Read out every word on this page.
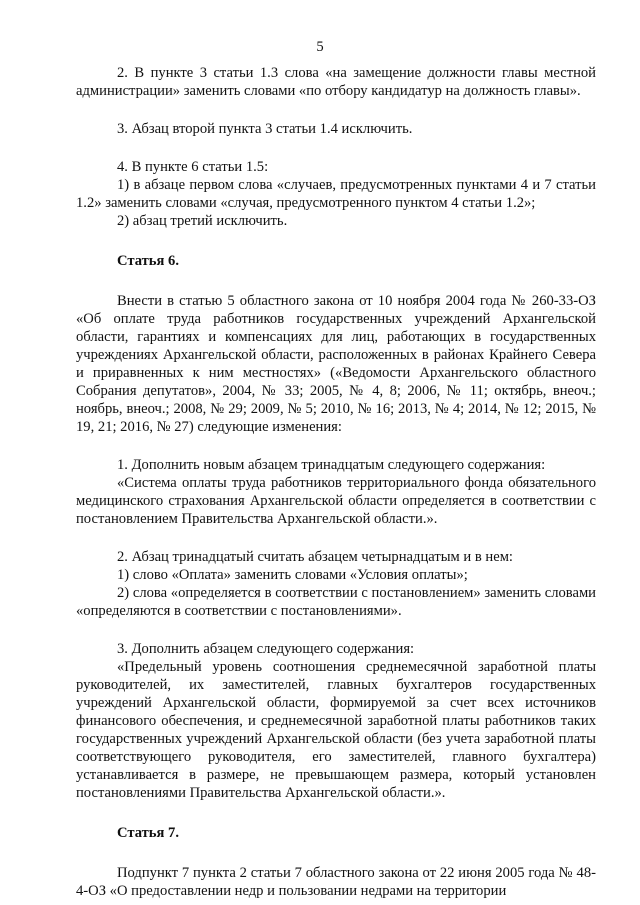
5
2. В пункте 3 статьи 1.3 слова «на замещение должности главы местной администрации» заменить словами «по отбору кандидатур на должность главы».
3. Абзац второй пункта 3 статьи 1.4 исключить.
4. В пункте 6 статьи 1.5:
1) в абзаце первом слова «случаев, предусмотренных пунктами 4 и 7 статьи 1.2» заменить словами «случая, предусмотренного пунктом 4 статьи 1.2»;
2) абзац третий исключить.
Статья 6.
Внести в статью 5 областного закона от 10 ноября 2004 года № 260-33-ОЗ «Об оплате труда работников государственных учреждений Архангельской области, гарантиях и компенсациях для лиц, работающих в государственных учреждениях Архангельской области, расположенных в районах Крайнего Севера и приравненных к ним местностях» («Ведомости Архангельского областного Собрания депутатов», 2004, № 33; 2005, № 4, 8; 2006, № 11; октябрь, внеоч.; ноябрь, внеоч.; 2008, № 29; 2009, № 5; 2010, № 16; 2013, № 4; 2014, № 12; 2015, № 19, 21; 2016, № 27) следующие изменения:
1. Дополнить новым абзацем тринадцатым следующего содержания:
«Система оплаты труда работников территориального фонда обязательного медицинского страхования Архангельской области определяется в соответствии с постановлением Правительства Архангельской области.».
2. Абзац тринадцатый считать абзацем четырнадцатым и в нем:
1) слово «Оплата» заменить словами «Условия оплаты»;
2) слова «определяется в соответствии с постановлением» заменить словами «определяются в соответствии с постановлениями».
3. Дополнить абзацем следующего содержания:
«Предельный уровень соотношения среднемесячной заработной платы руководителей, их заместителей, главных бухгалтеров государственных учреждений Архангельской области, формируемой за счет всех источников финансового обеспечения, и среднемесячной заработной платы работников таких государственных учреждений Архангельской области (без учета заработной платы соответствующего руководителя, его заместителей, главного бухгалтера) устанавливается в размере, не превышающем размера, который установлен постановлениями Правительства Архангельской области.».
Статья 7.
Подпункт 7 пункта 2 статьи 7 областного закона от 22 июня 2005 года № 48-4-ОЗ «О предоставлении недр и пользовании недрами на территории
